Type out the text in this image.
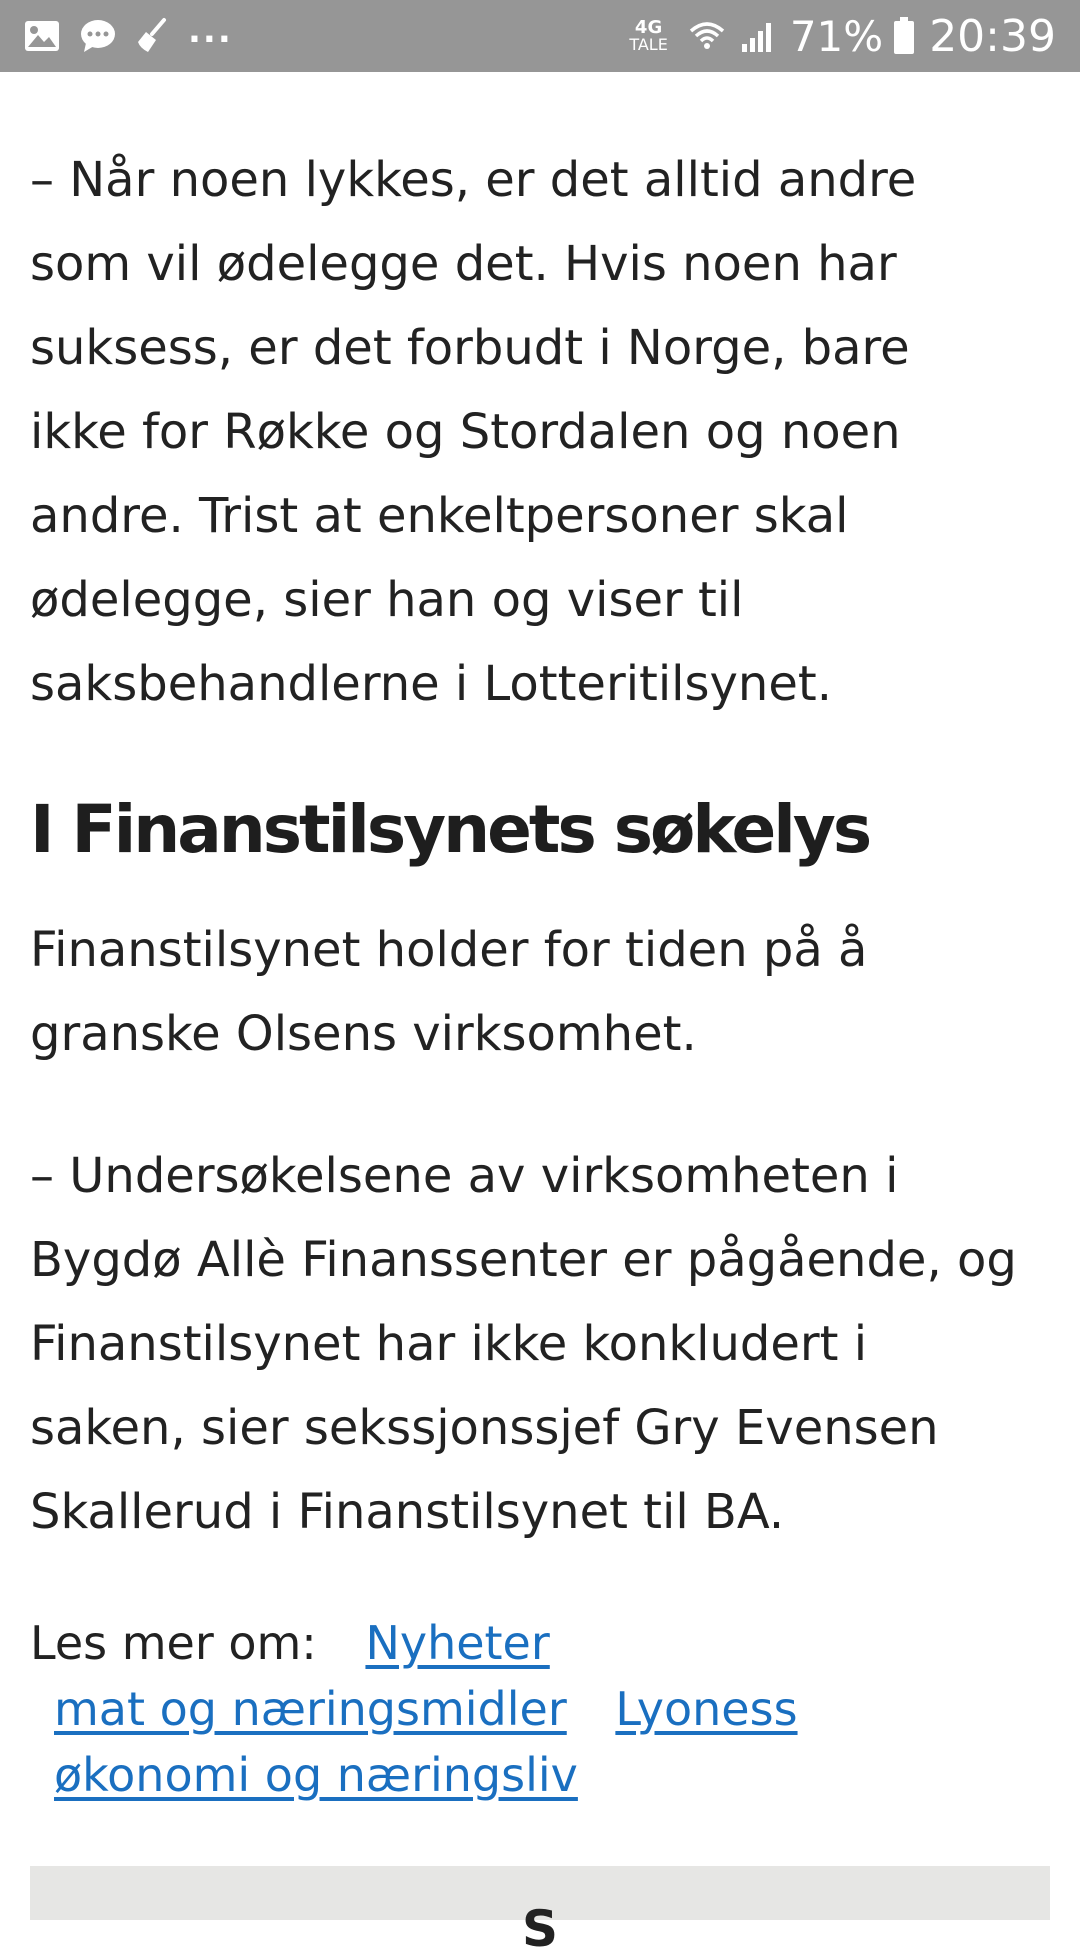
...	4G
TALE	71% 20:39

– Når noen lykkes, er det alltid andre som vil ødelegge det. Hvis noen har suksess, er det forbudt i Norge, bare ikke for Røkke og Stordalen og noen andre. Trist at enkeltpersoner skal ødelegge, sier han og viser til saksbehandlerne i Lotteritilsynet.

I Finanstilsynets søkelys

Finanstilsynet holder for tiden på å granske Olsens virksomhet.

– Undersøkelsene av virksomheten i Bygdø Allè Finanssenter er pågående, og Finanstilsynet har ikke konkludert i saken, sier sekssjonssjef Gry Evensen Skallerud i Finanstilsynet til BA.

Les mer om: Nyheter
mat og næringsmidler Lyoness
økonomi og næringsliv
S
